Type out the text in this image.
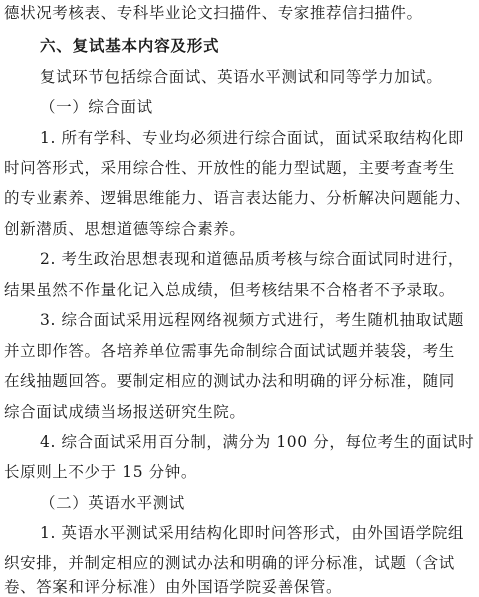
德状况考核表、专科毕业论文扫描件、专家推荐信扫描件。
六、复试基本内容及形式
复试环节包括综合面试、英语水平测试和同等学力加试。
（一）综合面试
1. 所有学科、专业均必须进行综合面试，面试采取结构化即
时问答形式，采用综合性、开放性的能力型试题，主要考查考生
的专业素养、逻辑思维能力、语言表达能力、分析解决问题能力、
创新潜质、思想道德等综合素养。
2. 考生政治思想表现和道德品质考核与综合面试同时进行，
结果虽然不作量化记入总成绩，但考核结果不合格者不予录取。
3. 综合面试采用远程网络视频方式进行，考生随机抽取试题
并立即作答。各培养单位需事先命制综合面试试题并装袋，考生
在线抽题回答。要制定相应的测试办法和明确的评分标准，随同
综合面试成绩当场报送研究生院。
4. 综合面试采用百分制，满分为 100 分，每位考生的面试时
长原则上不少于 15 分钟。
（二）英语水平测试
1. 英语水平测试采用结构化即时问答形式，由外国语学院组
织安排，并制定相应的测试办法和明确的评分标准，试题（含试
卷、答案和评分标准）由外国语学院妥善保管。
